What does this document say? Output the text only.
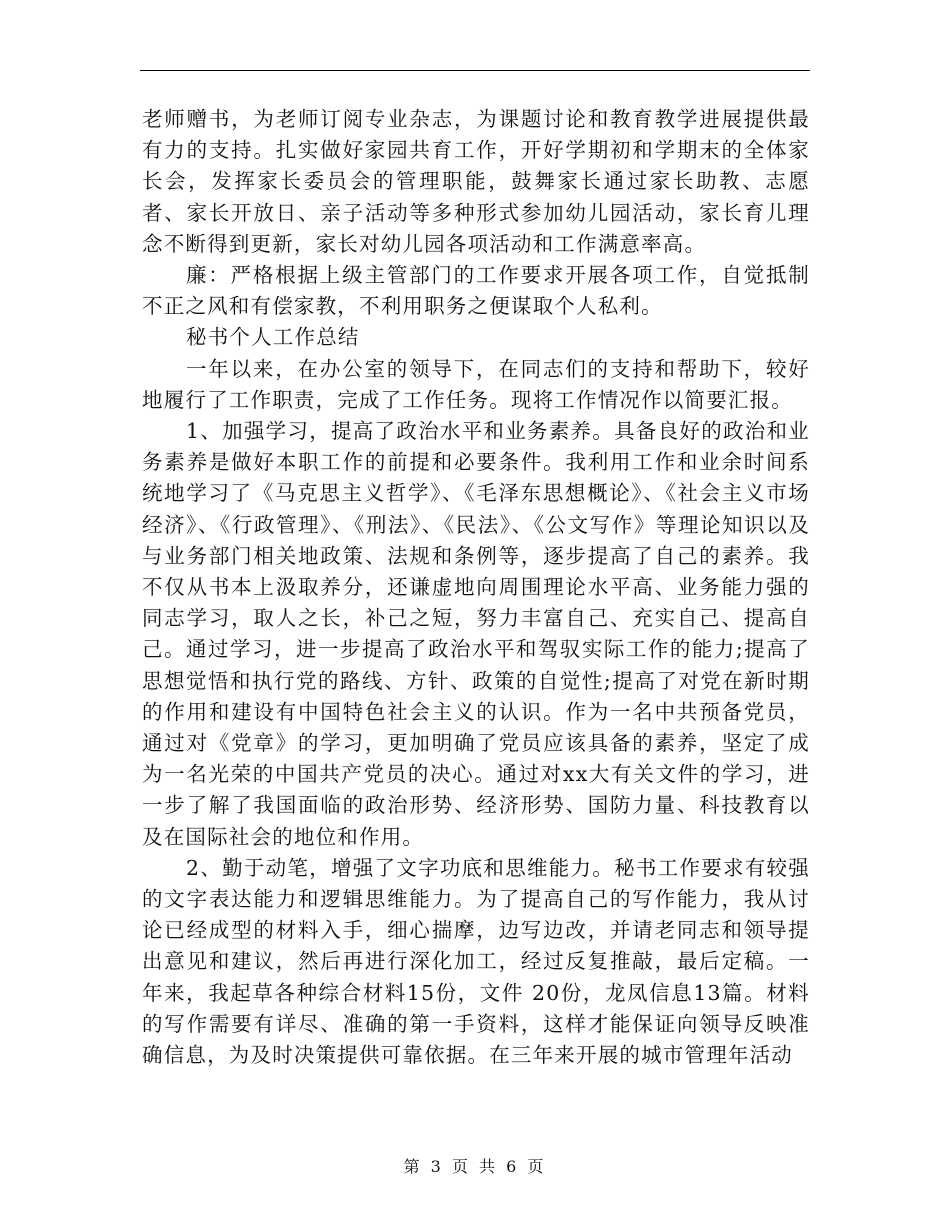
老师赠书，为老师订阅专业杂志，为课题讨论和教育教学进展提供最有力的支持。扎实做好家园共育工作，开好学期初和学期末的全体家长会，发挥家长委员会的管理职能，鼓舞家长通过家长助教、志愿者、家长开放日、亲子活动等多种形式参加幼儿园活动，家长育儿理念不断得到更新，家长对幼儿园各项活动和工作满意率高。

廉：严格根据上级主管部门的工作要求开展各项工作，自觉抵制不正之风和有偿家教，不利用职务之便谋取个人私利。

秘书个人工作总结

一年以来，在办公室的领导下，在同志们的支持和帮助下，较好地履行了工作职责，完成了工作任务。现将工作情况作以简要汇报。

1、加强学习，提高了政治水平和业务素养。具备良好的政治和业务素养是做好本职工作的前提和必要条件。我利用工作和业余时间系统地学习了《马克思主义哲学》、《毛泽东思想概论》、《社会主义市场经济》、《行政管理》、《刑法》、《民法》、《公文写作》等理论知识以及与业务部门相关地政策、法规和条例等，逐步提高了自己的素养。我不仅从书本上汲取养分，还谦虚地向周围理论水平高、业务能力强的同志学习，取人之长，补己之短，努力丰富自己、充实自己、提高自己。通过学习，进一步提高了政治水平和驾驭实际工作的能力;提高了思想觉悟和执行党的路线、方针、政策的自觉性;提高了对党在新时期的作用和建设有中国特色社会主义的认识。作为一名中共预备党员，通过对《党章》的学习，更加明确了党员应该具备的素养，坚定了成为一名光荣的中国共产党员的决心。通过对xx大有关文件的学习，进一步了解了我国面临的政治形势、经济形势、国防力量、科技教育以及在国际社会的地位和作用。

2、勤于动笔，增强了文字功底和思维能力。秘书工作要求有较强的文字表达能力和逻辑思维能力。为了提高自己的写作能力，我从讨论已经成型的材料入手，细心揣摩，边写边改，并请老同志和领导提出意见和建议，然后再进行深化加工，经过反复推敲，最后定稿。一年来，我起草各种综合材料15份，文件 20份，龙凤信息13篇。材料的写作需要有详尽、准确的第一手资料，这样才能保证向领导反映准确信息，为及时决策提供可靠依据。在三年来开展的城市管理年活动

第 3 页 共 6 页
